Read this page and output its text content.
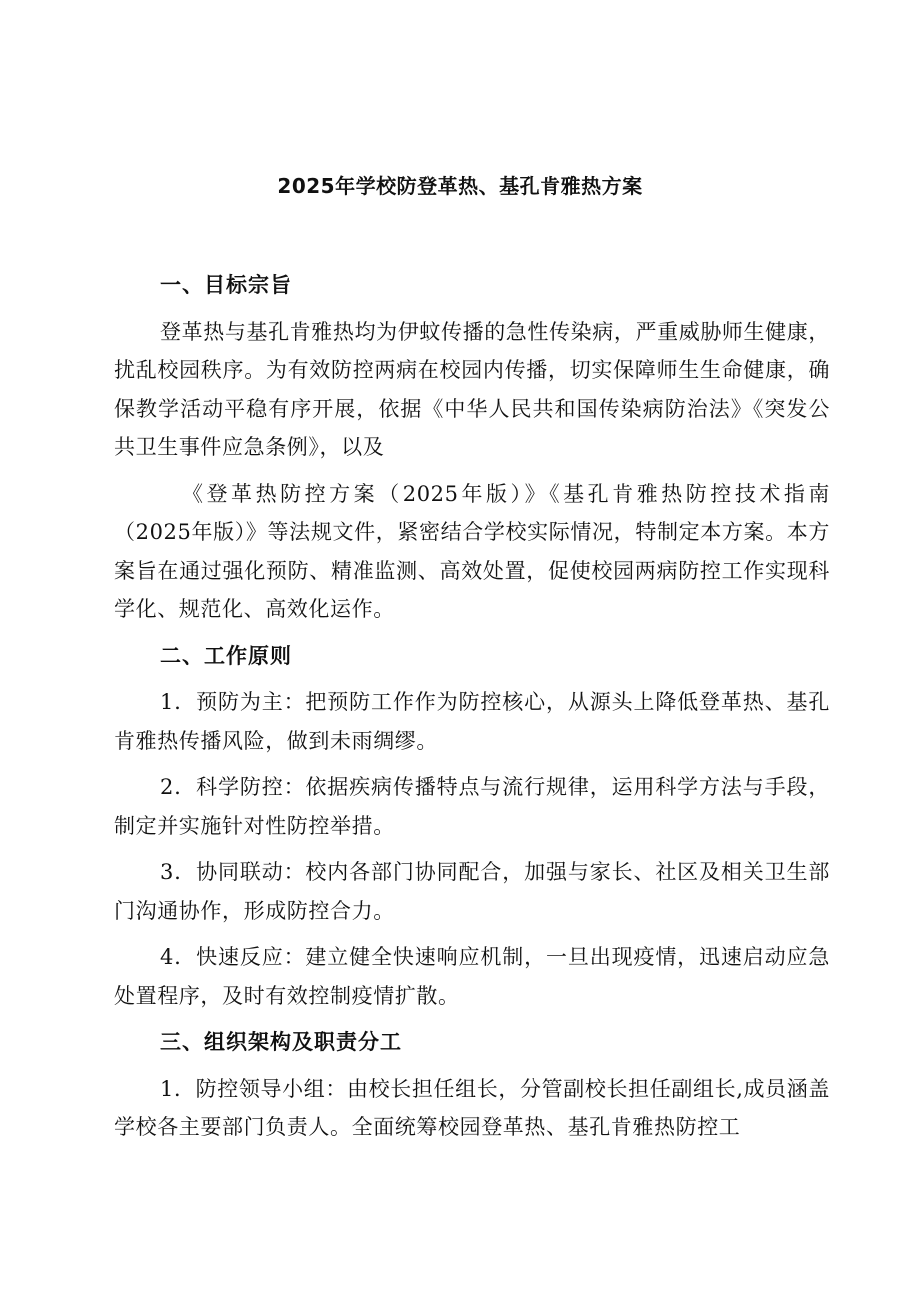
2025年学校防登革热、基孔肯雅热方案
一、目标宗旨

登革热与基孔肯雅热均为伊蚊传播的急性传染病，严重威胁师生健康，扰乱校园秩序。为有效防控两病在校园内传播，切实保障师生生命健康，确保教学活动平稳有序开展，依据《中华人民共和国传染病防治法》《突发公共卫生事件应急条例》，以及

《登革热防控方案（2025年版）》《基孔肯雅热防控技术指南（2025年版）》等法规文件，紧密结合学校实际情况，特制定本方案。本方案旨在通过强化预防、精准监测、高效处置，促使校园两病防控工作实现科学化、规范化、高效化运作。

二、工作原则

1．预防为主：把预防工作作为防控核心，从源头上降低登革热、基孔肯雅热传播风险，做到未雨绸缪。

2．科学防控：依据疾病传播特点与流行规律，运用科学方法与手段，制定并实施针对性防控举措。

3．协同联动：校内各部门协同配合，加强与家长、社区及相关卫生部门沟通协作，形成防控合力。

4．快速反应：建立健全快速响应机制，一旦出现疫情，迅速启动应急处置程序，及时有效控制疫情扩散。

三、组织架构及职责分工

1．防控领导小组：由校长担任组长，分管副校长担任副组长,成员涵盖学校各主要部门负责人。全面统筹校园登革热、基孔肯雅热防控工
